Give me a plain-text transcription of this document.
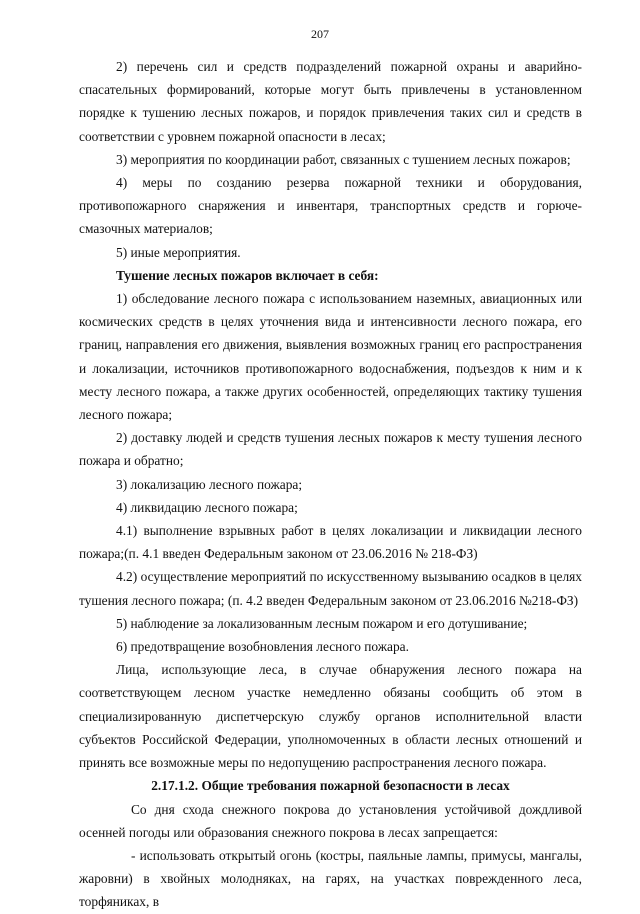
207

2) перечень сил и средств подразделений пожарной охраны и аварийно-спасательных формирований, которые могут быть привлечены в установленном порядке к тушению лесных пожаров, и порядок привлечения таких сил и средств в соответствии с уровнем пожарной опасности в лесах;

3) мероприятия по координации работ, связанных с тушением лесных пожаров;

4) меры по созданию резерва пожарной техники и оборудования, противопожарного снаряжения и инвентаря, транспортных средств и горюче-смазочных материалов;

5) иные мероприятия.

Тушение лесных пожаров включает в себя:

1) обследование лесного пожара с использованием наземных, авиационных или космических средств в целях уточнения вида и интенсивности лесного пожара, его границ, направления его движения, выявления возможных границ его распространения и локализации, источников противопожарного водоснабжения, подъездов к ним и к месту лесного пожара, а также других особенностей, определяющих тактику тушения лесного пожара;

2) доставку людей и средств тушения лесных пожаров к месту тушения лесного пожара и обратно;

3) локализацию лесного пожара;

4) ликвидацию лесного пожара;

4.1) выполнение взрывных работ в целях локализации и ликвидации лесного пожара;(п. 4.1 введен Федеральным законом от 23.06.2016 № 218-ФЗ)

4.2) осуществление мероприятий по искусственному вызыванию осадков в целях тушения лесного пожара; (п. 4.2 введен Федеральным законом от 23.06.2016 №218-ФЗ)

5) наблюдение за локализованным лесным пожаром и его дотушивание;

6) предотвращение возобновления лесного пожара.

Лица, использующие леса, в случае обнаружения лесного пожара на соответствующем лесном участке немедленно обязаны сообщить об этом в специализированную диспетчерскую службу органов исполнительной власти субъектов Российской Федерации, уполномоченных в области лесных отношений и принять все возможные меры по недопущению распространения лесного пожара.

2.17.1.2. Общие требования пожарной безопасности в лесах

Со дня схода снежного покрова до установления устойчивой дождливой осенней погоды или образования снежного покрова в лесах запрещается:

- использовать открытый огонь (костры, паяльные лампы, примусы, мангалы, жаровни) в хвойных молодняках, на гарях, на участках поврежденного леса, торфяниках, в
